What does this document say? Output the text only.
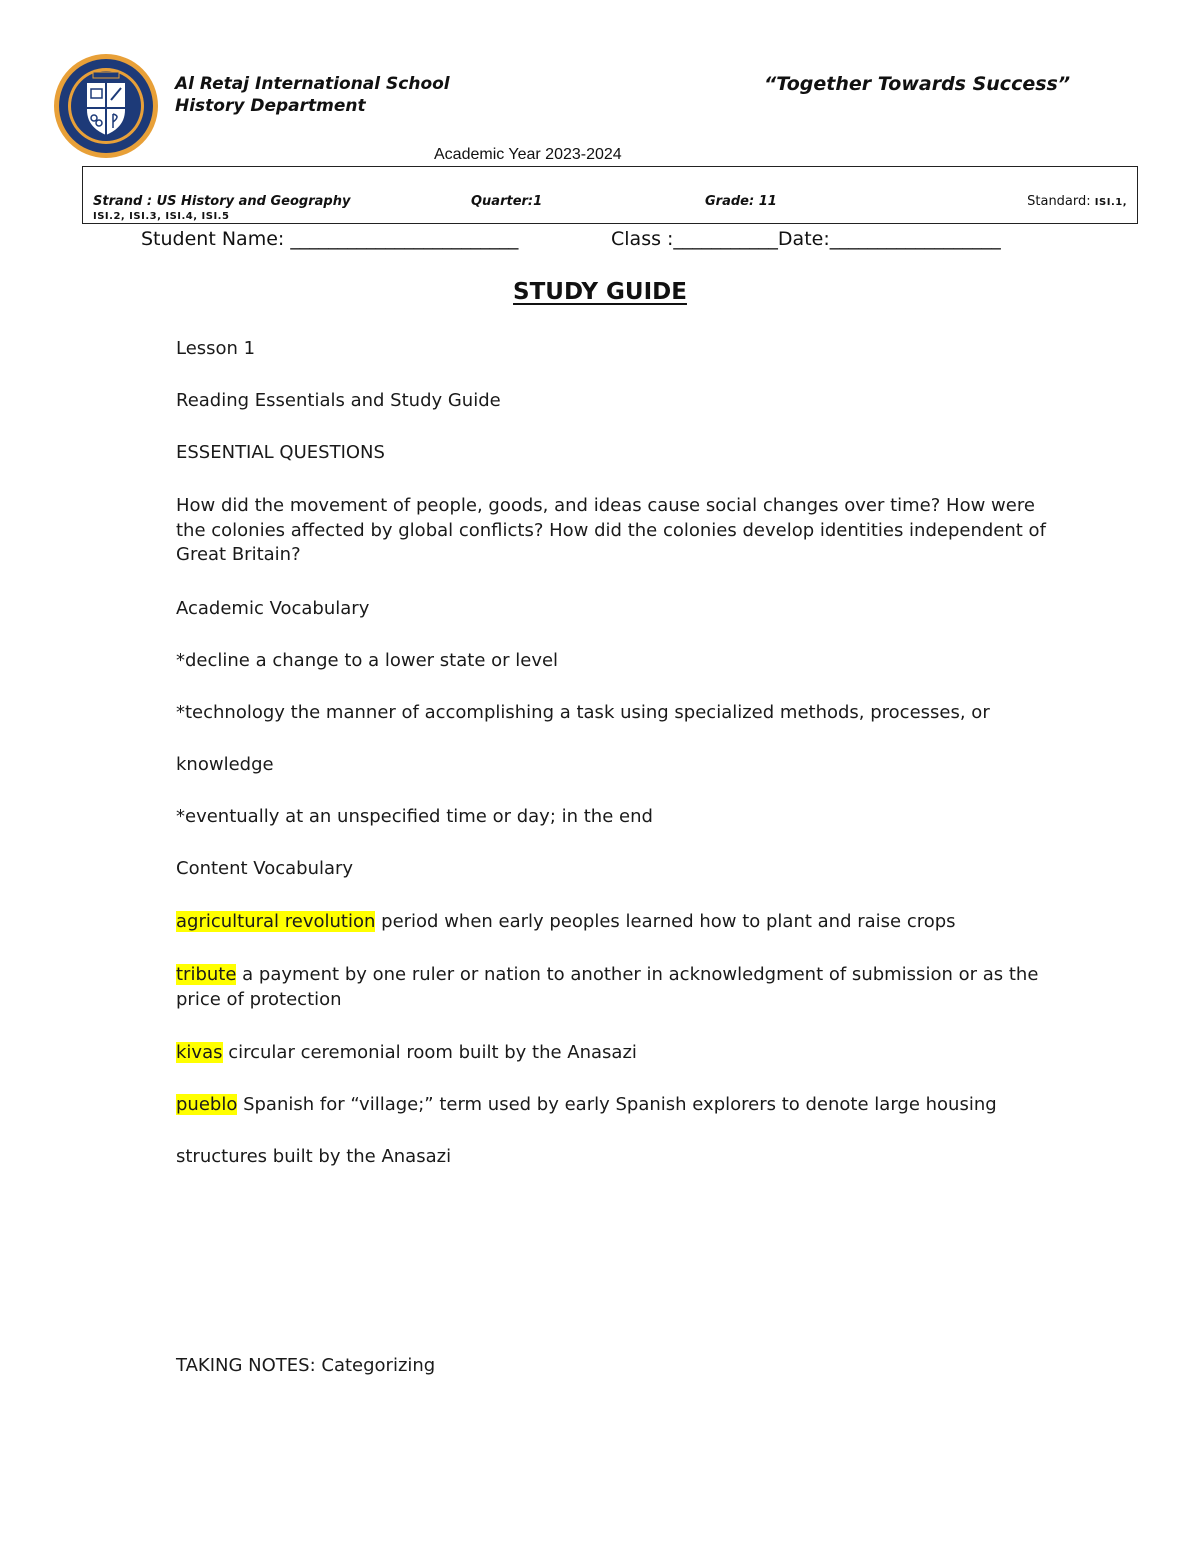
Al Retaj International School
History Department
“Together Towards Success”
Academic Year 2023-2024
Strand : US History and Geography	Quarter:1	Grade: 11	Standard: ISI.1,
ISI.2, ISI.3, ISI.4, ISI.5
Student Name: ________________________	Class :___________Date:__________________
STUDY GUIDE
Lesson 1
Reading Essentials and Study Guide
ESSENTIAL QUESTIONS
How did the movement of people, goods, and ideas cause social changes over time? How were the colonies affected by global conflicts? How did the colonies develop identities independent of Great Britain?
Academic Vocabulary
*decline a change to a lower state or level
*technology the manner of accomplishing a task using specialized methods, processes, or
knowledge
*eventually at an unspecified time or day; in the end
Content Vocabulary
agricultural revolution period when early peoples learned how to plant and raise crops
tribute a payment by one ruler or nation to another in acknowledgment of submission or as the price of protection
kivas circular ceremonial room built by the Anasazi
pueblo Spanish for “village;” term used by early Spanish explorers to denote large housing
structures built by the Anasazi
TAKING NOTES: Categorizing
